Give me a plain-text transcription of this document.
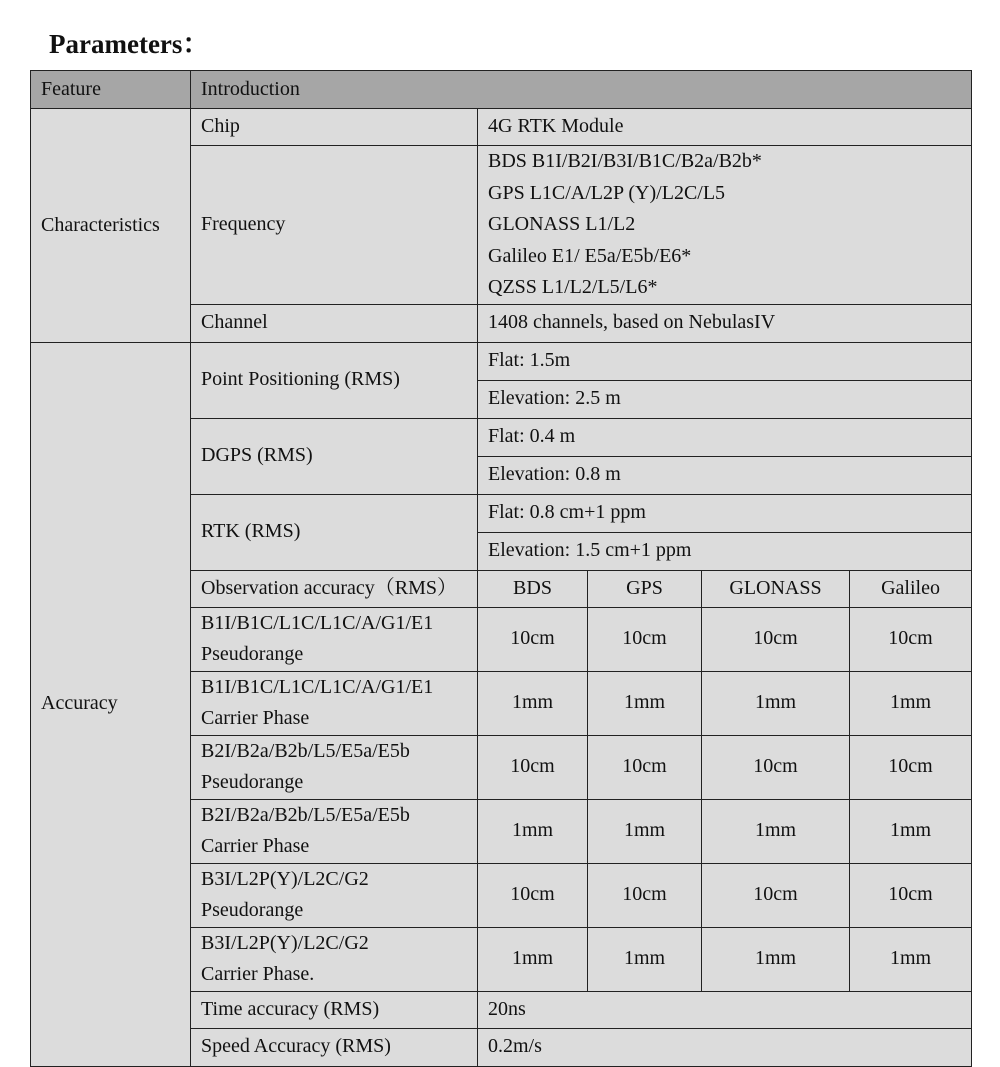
Parameters：
Feature	Introduction				
Characteristics	Chip	4G RTK Module			
	Frequency	BDS B1I/B2I/B3I/B1C/B2a/B2b*
GPS L1C/A/L2P (Y)/L2C/L5
GLONASS L1/L2
Galileo E1/ E5a/E5b/E6*
QZSS L1/L2/L5/L6*			

	Channel	1408 channels, based on NebulasIV			
Accuracy	Point Positioning (RMS)	Flat: 1.5m			
		Elevation: 2.5 m			
	DGPS (RMS)	Flat: 0.4 m			
		Elevation: 0.8 m			
	RTK (RMS)	Flat: 0.8 cm+1 ppm			
		Elevation: 1.5 cm+1 ppm			
	Observation accuracy（RMS）	BDS	GPS	GLONASS	Galileo

	B1I/B1C/L1C/L1C/A/G1/E1
Pseudorange	10cm	10cm	10cm	10cm

	B1I/B1C/L1C/L1C/A/G1/E1
Carrier Phase	1mm	1mm	1mm	1mm

	B2I/B2a/B2b/L5/E5a/E5b
Pseudorange	10cm	10cm	10cm	10cm

	B2I/B2a/B2b/L5/E5a/E5b
Carrier Phase	1mm	1mm	1mm	1mm

	B3I/L2P(Y)/L2C/G2
Pseudorange	10cm	10cm	10cm	10cm

	B3I/L2P(Y)/L2C/G2
Carrier Phase.	1mm	1mm	1mm	1mm
	Time accuracy (RMS)	20ns			
	Speed Accuracy (RMS)	0.2m/s			
